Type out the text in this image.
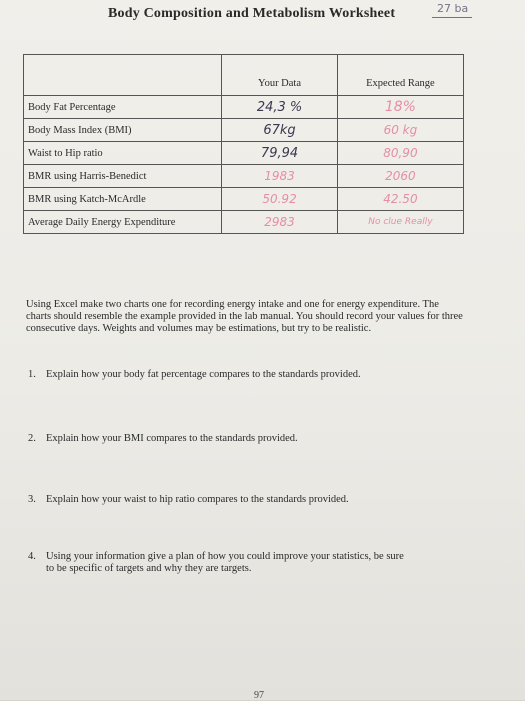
Body Composition and Metabolism Worksheet	27 ba
	Your Data	Expected Range
Body Fat Percentage	24,3 %	18%
Body Mass Index (BMI)	67kg	60 kg
Waist to Hip ratio	79,94	80,90
BMR using Harris-Benedict	1983	2060
BMR using Katch-McArdle	50.92	42.50
Average Daily Energy Expenditure	2983	No clue Really
Using Excel make two charts one for recording energy intake and one for energy expenditure. The charts should resemble the example provided in the lab manual. You should record your values for three consecutive days. Weights and volumes may be estimations, but try to be realistic.
1. Explain how your body fat percentage compares to the standards provided.
2. Explain how your BMI compares to the standards provided.
3. Explain how your waist to hip ratio compares to the standards provided.
4. Using your information give a plan of how you could improve your statistics, be sure
to be specific of targets and why they are targets.
97
